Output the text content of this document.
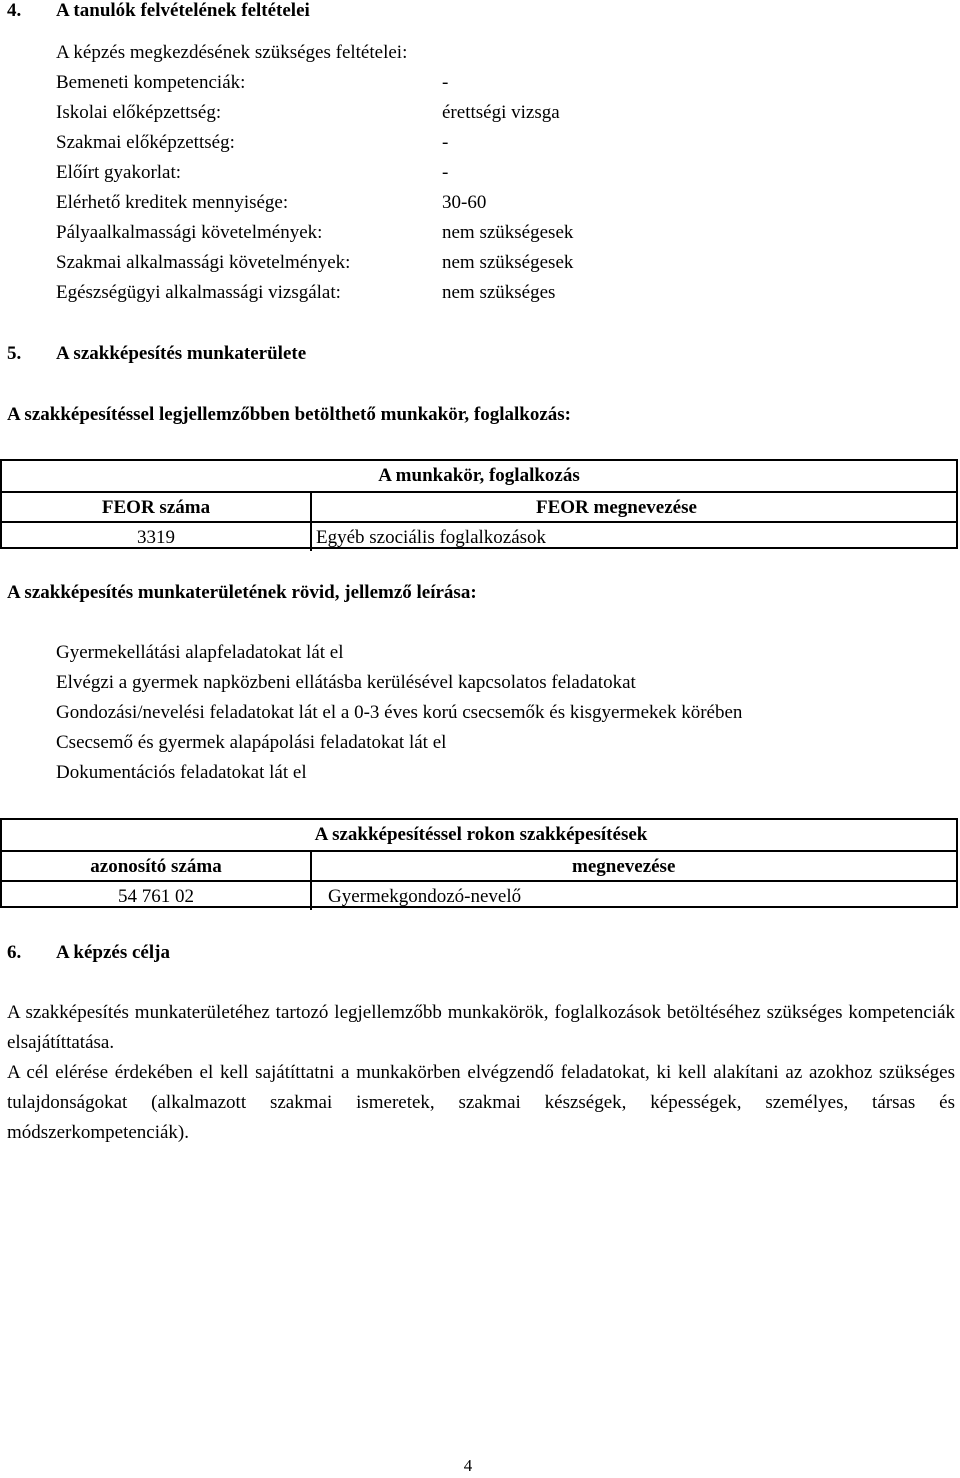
4. A tanulók felvételének feltételei
A képzés megkezdésének szükséges feltételei:
Bemeneti kompetenciák:	-
Iskolai előképzettség:	érettségi vizsga
Szakmai előképzettség:	-
Előírt gyakorlat:	-
Elérhető kreditek mennyisége:	30-60
Pályaalkalmassági követelmények:	nem szükségesek
Szakmai alkalmassági követelmények:	nem szükségesek
Egészségügyi alkalmassági vizsgálat:	nem szükséges
5. A szakképesítés munkaterülete
A szakképesítéssel legjellemzőbben betölthető munkakör, foglalkozás:
A munkakör, foglalkozás
FEOR száma	FEOR megnevezése
3319	Egyéb szociális foglalkozások
A szakképesítés munkaterületének rövid, jellemző leírása:
Gyermekellátási alapfeladatokat lát el
Elvégzi a gyermek napközbeni ellátásba kerülésével kapcsolatos feladatokat
Gondozási/nevelési feladatokat lát el a 0-3 éves korú csecsemők és kisgyermekek körében
Csecsemő és gyermek alapápolási feladatokat lát el
Dokumentációs feladatokat lát el
A szakképesítéssel rokon szakképesítések
azonosító száma	megnevezése
54 761 02	Gyermekgondozó-nevelő
6. A képzés célja
A szakképesítés munkaterületéhez tartozó legjellemzőbb munkakörök, foglalkozások betöltéséhez szükséges kompetenciák elsajátíttatása.
A cél elérése érdekében el kell sajátíttatni a munkakörben elvégzendő feladatokat, ki kell alakítani az azokhoz szükséges tulajdonságokat (alkalmazott szakmai ismeretek, szakmai készségek, képességek, személyes, társas és módszerkompetenciák).
4
